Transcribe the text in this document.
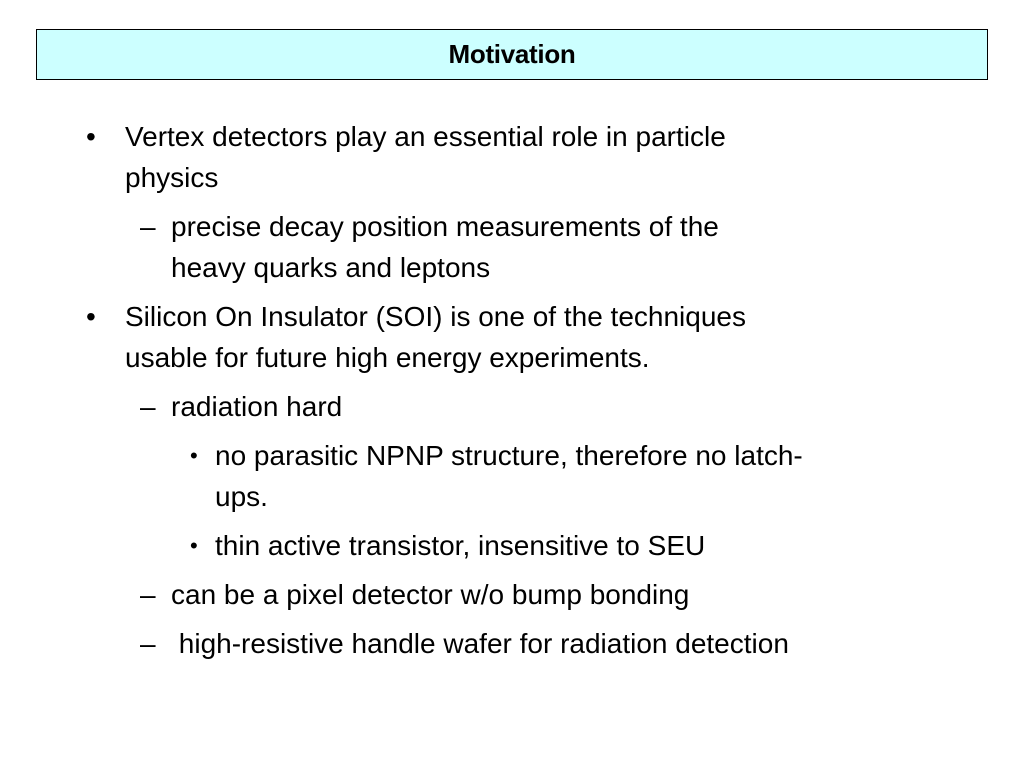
Motivation
• Vertex detectors play an essential role in particle
physics
– precise decay position measurements of the
heavy quarks and leptons
• Silicon On Insulator (SOI) is one of the techniques
usable for future high energy experiments.
– radiation hard
• no parasitic NPNP structure, therefore no latch-
ups.
• thin active transistor, insensitive to SEU
– can be a pixel detector w/o bump bonding
– high-resistive handle wafer for radiation detection
